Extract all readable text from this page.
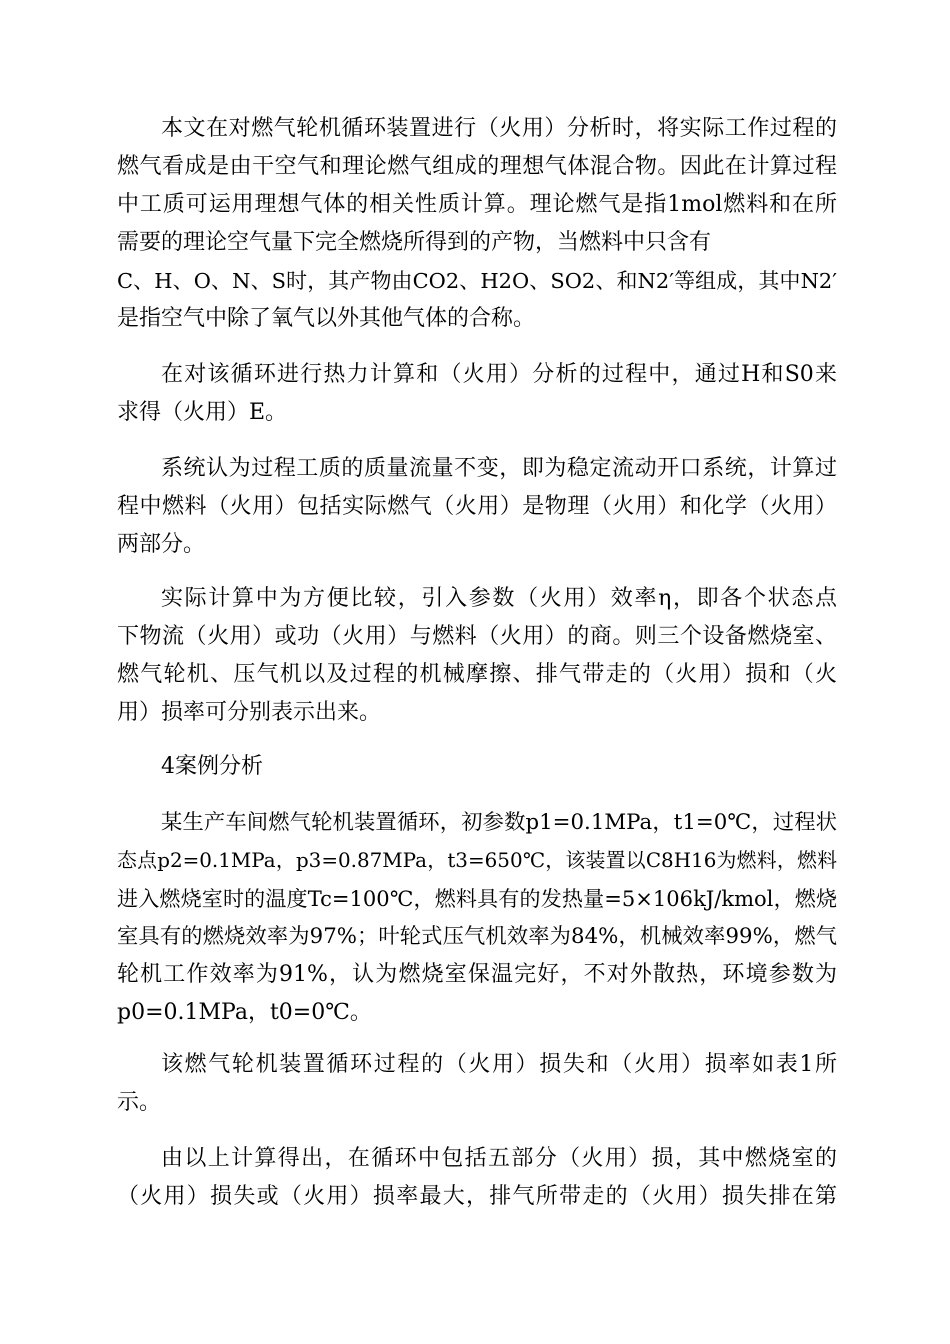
本文在对燃气轮机循环装置进行（火用）分析时，将实际工作过程的
燃气看成是由干空气和理论燃气组成的理想气体混合物。因此在计算过程
中工质可运用理想气体的相关性质计算。理论燃气是指1mol燃料和在所
需要的理论空气量下完全燃烧所得到的产物，当燃料中只含有
C、H、O、N、S时，其产物由CO2、H2O、SO2、和N2′等组成，其中N2′
是指空气中除了氧气以外其他气体的合称。
在对该循环进行热力计算和（火用）分析的过程中，通过H和S0来
求得（火用）E。
系统认为过程工质的质量流量不变，即为稳定流动开口系统，计算过
程中燃料（火用）包括实际燃气（火用）是物理（火用）和化学（火用）
两部分。
实际计算中为方便比较，引入参数（火用）效率η，即各个状态点
下物流（火用）或功（火用）与燃料（火用）的商。则三个设备燃烧室、
燃气轮机、压气机以及过程的机械摩擦、排气带走的（火用）损和（火
用）损率可分别表示出来。
4案例分析
某生产车间燃气轮机装置循环，初参数p1=0.1MPa，t1=0℃，过程状
态点p2=0.1MPa，p3=0.87MPa，t3=650℃，该装置以C8H16为燃料，燃料
进入燃烧室时的温度Tc=100℃，燃料具有的发热量=5×106kJ/kmol，燃烧
室具有的燃烧效率为97%；叶轮式压气机效率为84%，机械效率99%，燃气
轮机工作效率为91%，认为燃烧室保温完好，不对外散热，环境参数为
p0=0.1MPa，t0=0℃。
该燃气轮机装置循环过程的（火用）损失和（火用）损率如表1所
示。
由以上计算得出，在循环中包括五部分（火用）损，其中燃烧室的
（火用）损失或（火用）损率最大，排气所带走的（火用）损失排在第
